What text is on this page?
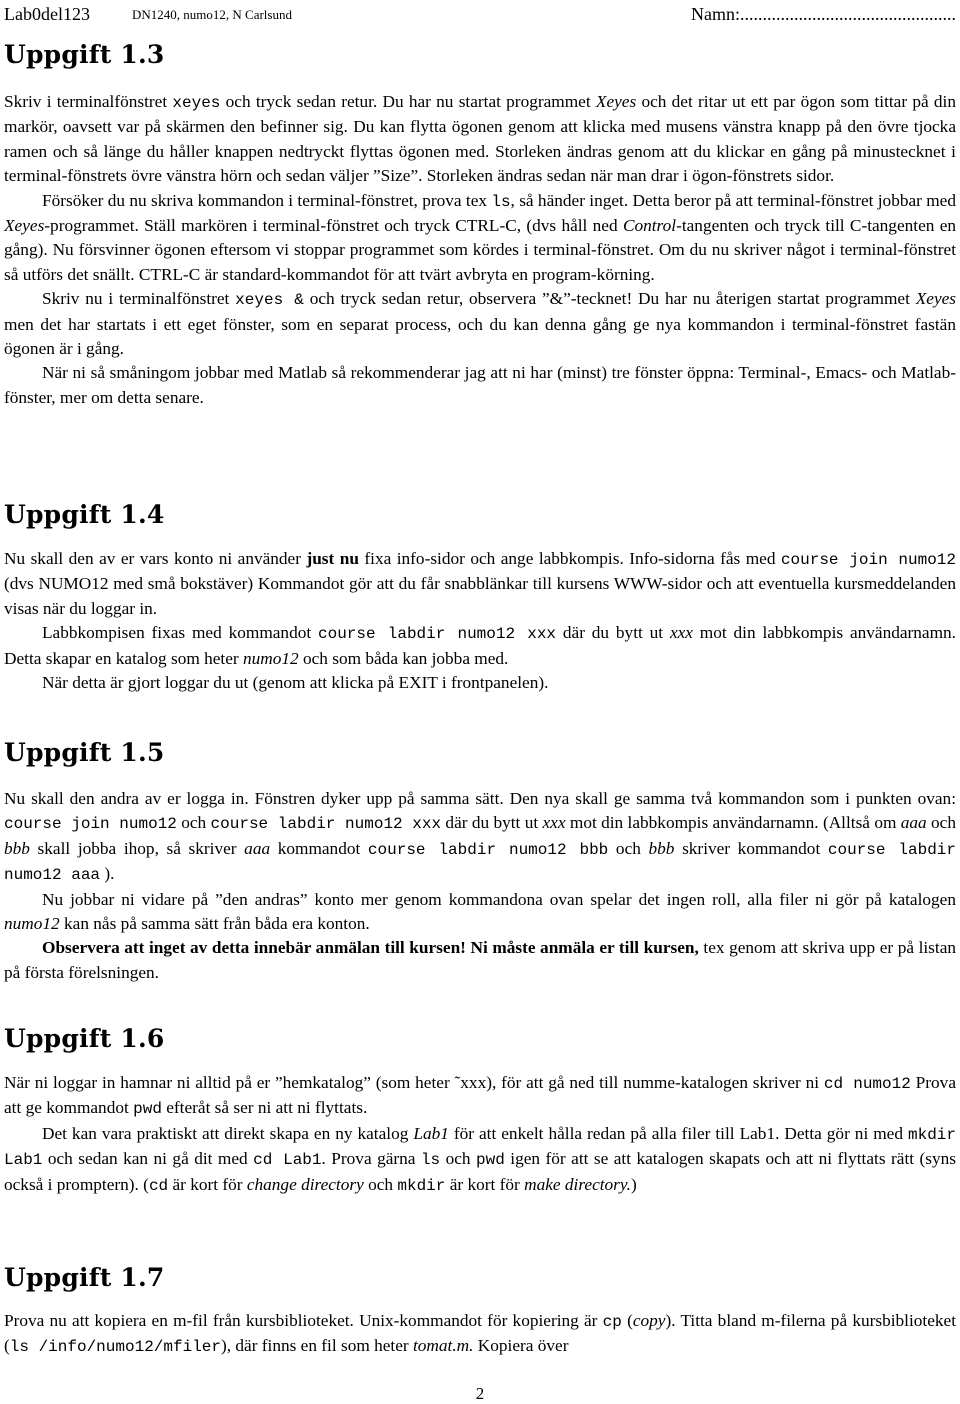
Lab0del123	DN1240, numo12, N Carlsund	Namn:................................................
Uppgift 1.3

Skriv i terminalfönstret xeyes och tryck sedan retur. Du har nu startat programmet Xeyes och det ritar ut ett par ögon som tittar på din markör, oavsett var på skärmen den befinner sig. Du kan flytta ögonen genom att klicka med musens vänstra knapp på den övre tjocka ramen och så länge du håller knappen nedtryckt flyttas ögonen med. Storleken ändras genom att du klickar en gång på minustecknet i terminal-fönstrets övre vänstra hörn och sedan väljer ”Size”. Storleken ändras sedan när man drar i ögon-fönstrets sidor.

Försöker du nu skriva kommandon i terminal-fönstret, prova tex ls, så händer inget. Detta beror på att terminal-fönstret jobbar med Xeyes-programmet. Ställ markören i terminal-fönstret och tryck CTRL-C, (dvs håll ned Control-tangenten och tryck till C-tangenten en gång). Nu försvinner ögonen eftersom vi stoppar programmet som kördes i terminal-fönstret. Om du nu skriver något i terminal-fönstret så utförs det snällt. CTRL-C är standard-kommandot för att tvärt avbryta en program-körning.

Skriv nu i terminalfönstret xeyes & och tryck sedan retur, observera ”&”-tecknet! Du har nu återigen startat programmet Xeyes men det har startats i ett eget fönster, som en separat process, och du kan denna gång ge nya kommandon i terminal-fönstret fastän ögonen är i gång.

När ni så småningom jobbar med Matlab så rekommenderar jag att ni har (minst) tre fönster öppna: Terminal-, Emacs- och Matlab-fönster, mer om detta senare.

Uppgift 1.4

Nu skall den av er vars konto ni använder just nu fixa info-sidor och ange labbkompis. Info-sidorna fås med course join numo12 (dvs NUMO12 med små bokstäver) Kommandot gör att du får snabblänkar till kursens WWW-sidor och att eventuella kursmeddelanden visas när du loggar in.

Labbkompisen fixas med kommandot course labdir numo12 xxx där du bytt ut xxx mot din labbkompis användarnamn. Detta skapar en katalog som heter numo12 och som båda kan jobba med.

När detta är gjort loggar du ut (genom att klicka på EXIT i frontpanelen).

Uppgift 1.5

Nu skall den andra av er logga in. Fönstren dyker upp på samma sätt. Den nya skall ge samma två kommandon som i punkten ovan: course join numo12 och course labdir numo12 xxx där du bytt ut xxx mot din labbkompis användarnamn. (Alltså om aaa och bbb skall jobba ihop, så skriver aaa kommandot course labdir numo12 bbb och bbb skriver kommandot course labdir numo12 aaa ).

Nu jobbar ni vidare på ”den andras” konto mer genom kommandona ovan spelar det ingen roll, alla filer ni gör på katalogen numo12 kan nås på samma sätt från båda era konton.

Observera att inget av detta innebär anmälan till kursen! Ni måste anmäla er till kursen, tex genom att skriva upp er på listan på första förelsningen.

Uppgift 1.6

När ni loggar in hamnar ni alltid på er ”hemkatalog” (som heter ˜xxx), för att gå ned till numme-katalogen skriver ni cd numo12 Prova att ge kommandot pwd efteråt så ser ni att ni flyttats.

Det kan vara praktiskt att direkt skapa en ny katalog Lab1 för att enkelt hålla redan på alla filer till Lab1. Detta gör ni med mkdir Lab1 och sedan kan ni gå dit med cd Lab1. Prova gärna ls och pwd igen för att se att katalogen skapats och att ni flyttats rätt (syns också i promptern). (cd är kort för change directory och mkdir är kort för make directory.)

Uppgift 1.7

Prova nu att kopiera en m-fil från kursbiblioteket. Unix-kommandot för kopiering är cp (copy). Titta bland m-filerna på kursbiblioteket (ls /info/numo12/mfiler), där finns en fil som heter tomat.m. Kopiera över

2
